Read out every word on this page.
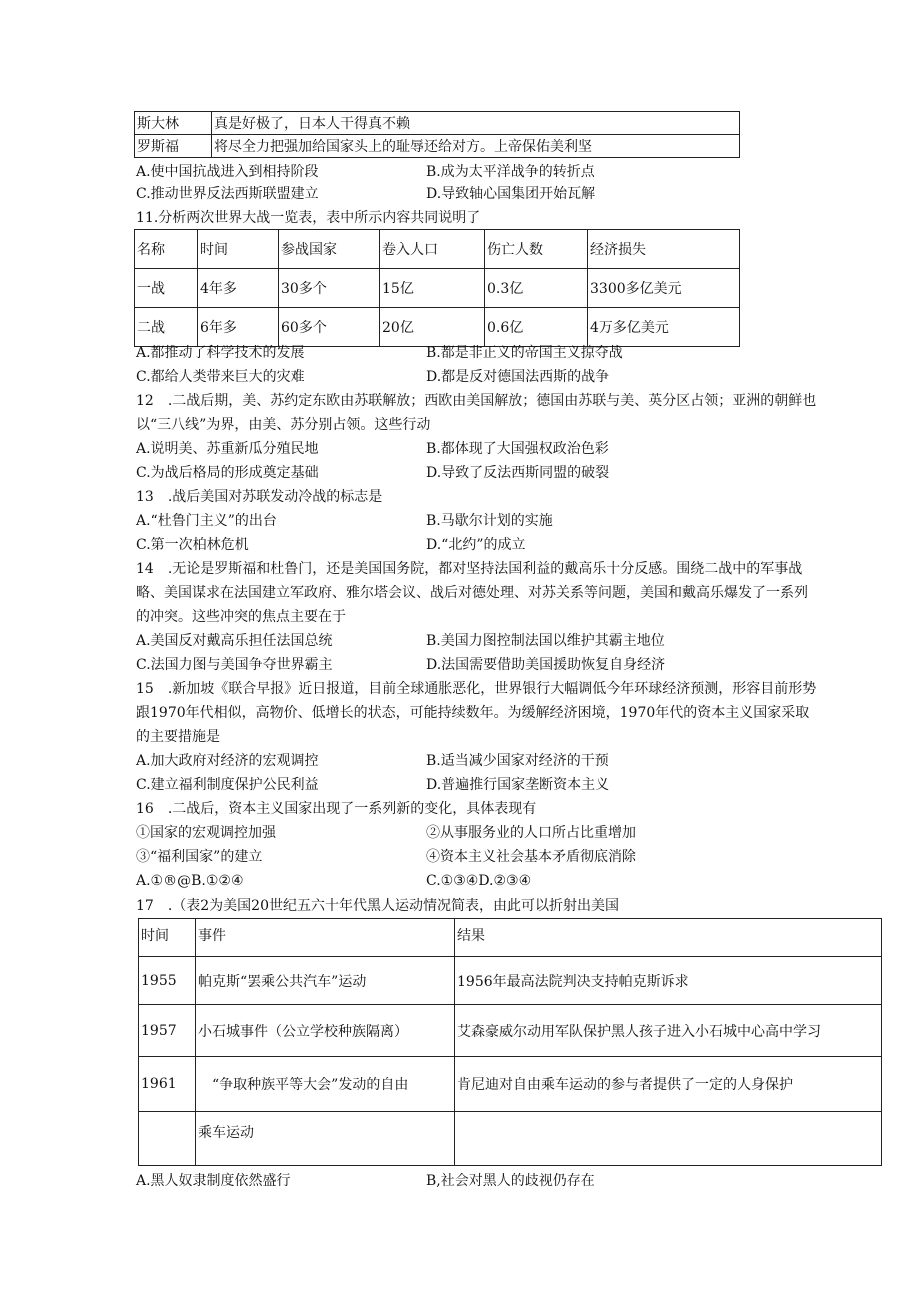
斯大林	真是好极了，日本人干得真不赖
罗斯福	将尽全力把强加给国家头上的耻辱还给对方。上帝保佑美利坚
A.使中国抗战进入到相持阶段	B.成为太平洋战争的转折点
C.推动世界反法西斯联盟建立	D.导致轴心国集团开始瓦解
11.分析两次世界大战一览表，表中所示内容共同说明了
名称	时间	参战国家	卷入人口	伤亡人数	经济损失
一战	4年多	30多个	15亿	0.3亿	3300多亿美元
二战	6年多	60多个	20亿	0.6亿	4万多亿美元
A.都推动了科学技术的发展	B.都是非正义的帝国主义掠夺战
C.都给人类带来巨大的灾难	D.都是反对德国法西斯的战争
12　.二战后期，美、苏约定东欧由苏联解放；西欧由美国解放；德国由苏联与美、英分区占领；亚洲的朝鲜也
以“三八线”为界，由美、苏分别占领。这些行动
A.说明美、苏重新瓜分殖民地	B.都体现了大国强权政治色彩
C.为战后格局的形成奠定基础	D.导致了反法西斯同盟的破裂
13　.战后美国对苏联发动冷战的标志是
A.“杜鲁门主义”的出台	B.马歇尔计划的实施
C.第一次柏林危机	D.“北约”的成立
14　.无论是罗斯福和杜鲁门，还是美国国务院，都对坚持法国利益的戴高乐十分反感。围绕二战中的军事战
略、美国谋求在法国建立军政府、雅尔塔会议、战后对德处理、对苏关系等问题，美国和戴高乐爆发了一系列
的冲突。这些冲突的焦点主要在于
A.美国反对戴高乐担任法国总统	B.美国力图控制法国以维护其霸主地位
C.法国力图与美国争夺世界霸主	D.法国需要借助美国援助恢复自身经济
15　.新加坡《联合早报》近日报道，目前全球通胀恶化，世界银行大幅调低今年环球经济预测，形容目前形势
跟1970年代相似，高物价、低增长的状态，可能持续数年。为缓解经济困境，1970年代的资本主义国家采取
的主要措施是
A.加大政府对经济的宏观调控	B.适当减少国家对经济的干预
C.建立福利制度保护公民利益	D.普遍推行国家垄断资本主义
16　.二战后，资本主义国家出现了一系列新的变化，具体表现有
①国家的宏观调控加强	②从事服务业的人口所占比重增加
③“福利国家”的建立	④资本主义社会基本矛盾彻底消除
A.①®@B.①②④	C.①③④D.②③④
17　.（表2为美国20世纪五六十年代黑人运动情况简表，由此可以折射出美国
时间	事件	结果
1955	帕克斯“罢乘公共汽车”运动	1956年最高法院判决支持帕克斯诉求
1957	小石城事件（公立学校种族隔离）	艾森豪威尔动用军队保护黑人孩子进入小石城中心高中学习
1961	“争取种族平等大会”发动的自由	肯尼迪对自由乘车运动的参与者提供了一定的人身保护
	乘车运动	
A.黑人奴隶制度依然盛行	B,社会对黑人的歧视仍存在
